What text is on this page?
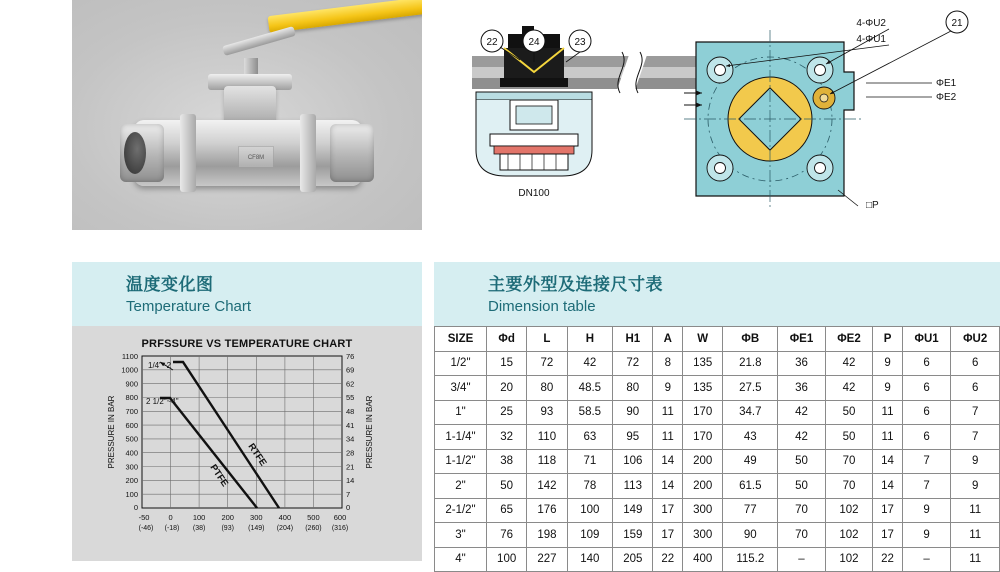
CF8M
DN100
22	24	23
4-ΦU2
4-ΦU1
21
ΦE1
ΦE2
□P
温度变化图
Temperature Chart
主要外型及连接尺寸表
Dimension table
PRFSSURE VS TEMPERATURE CHART
RTFE
PTFE
1/4"~2
2 1/2"~4"
1100
1000
900
800
700
600
500
400
300
200
100
0
76
69
62
55
48
41
34
28
21
14
7
0
PRESSURE IN BAR	PRESSURE IN BAR
-50	0	100 200 300 400 500 600
(-46) (-18) (38) (93) (149) (204) (260) (316)
SIZE	Φd	L	H	H1	A	W	ΦB	ΦE1	ΦE2	P	ΦU1	ΦU2
1/2"	15	72	42	72	8	135	21.8	36	42	9	6	6
3/4"	20	80	48.5	80	9	135	27.5	36	42	9	6	6
1"	25	93	58.5	90	11	170	34.7	42	50	11	6	7
1-1/4"	32	110	63	95	11	170	43	42	50	11	6	7
1-1/2"	38	118	71	106	14	200	49	50	70	14	7	9
2"	50	142	78	113	14	200	61.5	50	70	14	7	9
2-1/2"	65	176	100	149	17	300	77	70	102	17	9	11
3"	76	198	109	159	17	300	90	70	102	17	9	11
4"	100	227	140	205	22	400	115.2	–	102	22	–	11
